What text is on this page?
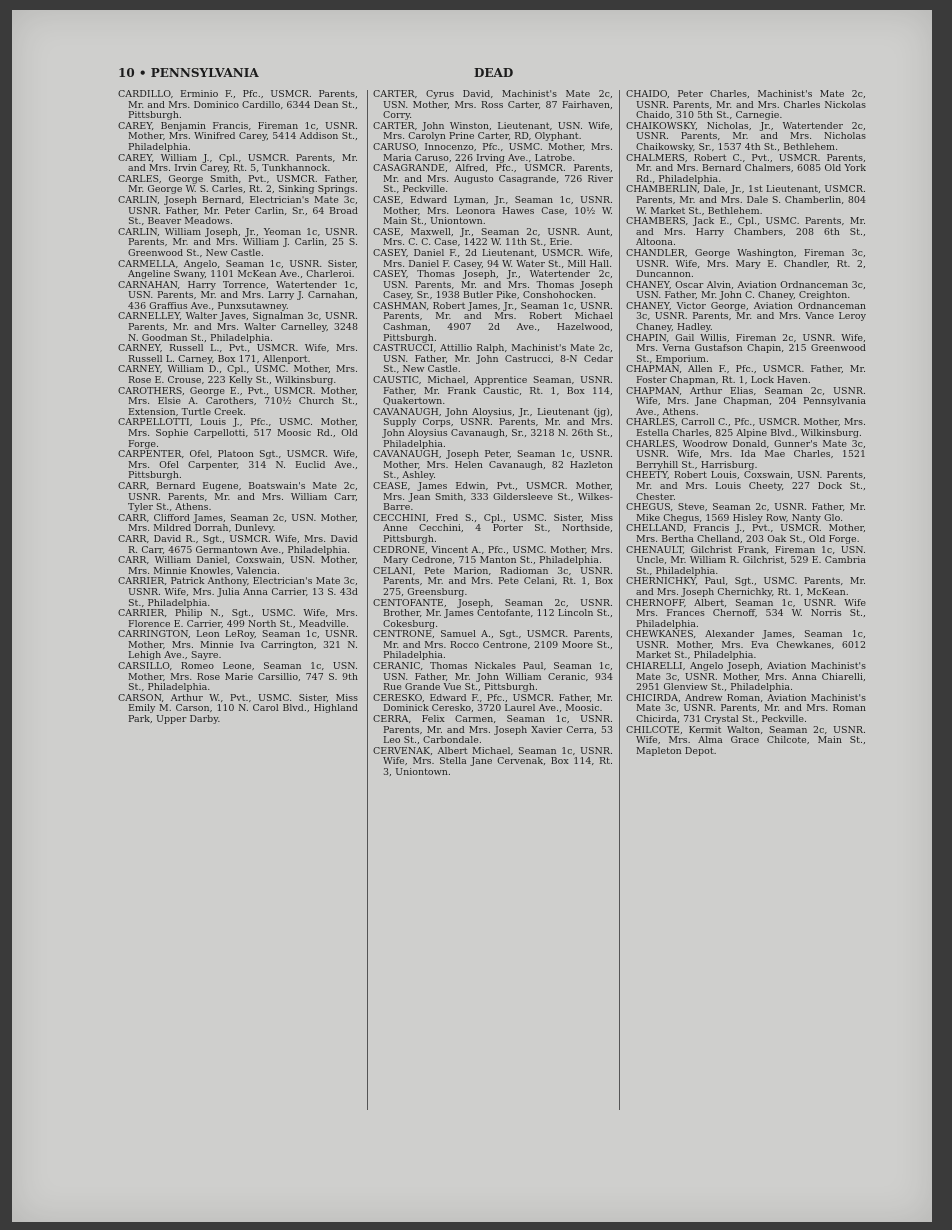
10 • PENNSYLVANIA	DEAD

CARDILLO, Erminio F., Pfc., USMCR. Parents, Mr. and Mrs. Dominico Cardillo, 6344 Dean St., Pittsburgh.

CAREY, Benjamin Francis, Fireman 1c, USNR. Mother, Mrs. Winifred Carey, 5414 Addison St., Philadelphia.

CAREY, William J., Cpl., USMCR. Parents, Mr. and Mrs. Irvin Carey, Rt. 5, Tunkhannock.

CARLES, George Smith, Pvt., USMCR. Father, Mr. George W. S. Carles, Rt. 2, Sinking Springs.

CARLIN, Joseph Bernard, Electrician's Mate 3c, USNR. Father, Mr. Peter Carlin, Sr., 64 Broad St., Beaver Meadows.

CARLIN, William Joseph, Jr., Yeoman 1c, USNR. Parents, Mr. and Mrs. William J. Carlin, 25 S. Greenwood St., New Castle.

CARMELLA, Angelo, Seaman 1c, USNR. Sister, Angeline Swany, 1101 McKean Ave., Charleroi.

CARNAHAN, Harry Torrence, Watertender 1c, USN. Parents, Mr. and Mrs. Larry J. Carnahan, 436 Graffius Ave., Punxsutawney.

CARNELLEY, Walter Javes, Signalman 3c, USNR. Parents, Mr. and Mrs. Walter Carnelley, 3248 N. Goodman St., Philadelphia.

CARNEY, Russell L., Pvt., USMCR. Wife, Mrs. Russell L. Carney, Box 171, Allenport.

CARNEY, William D., Cpl., USMC. Mother, Mrs. Rose E. Crouse, 223 Kelly St., Wilkinsburg.

CAROTHERS, George E., Pvt., USMCR. Mother, Mrs. Elsie A. Carothers, 710½ Church St., Extension, Turtle Creek.

CARPELLOTTI, Louis J., Pfc., USMC. Mother, Mrs. Sophie Carpellotti, 517 Moosic Rd., Old Forge.

CARPENTER, Ofel, Platoon Sgt., USMCR. Wife, Mrs. Ofel Carpenter, 314 N. Euclid Ave., Pittsburgh.

CARR, Bernard Eugene, Boatswain's Mate 2c, USNR. Parents, Mr. and Mrs. William Carr, Tyler St., Athens.

CARR, Clifford James, Seaman 2c, USN. Mother, Mrs. Mildred Dorrah, Dunlevy.

CARR, David R., Sgt., USMCR. Wife, Mrs. David R. Carr, 4675 Germantown Ave., Philadelphia.

CARR, William Daniel, Coxswain, USN. Mother, Mrs. Minnie Knowles, Valencia.

CARRIER, Patrick Anthony, Electrician's Mate 3c, USNR. Wife, Mrs. Julia Anna Carrier, 13 S. 43d St., Philadelphia.

CARRIER, Philip N., Sgt., USMC. Wife, Mrs. Florence E. Carrier, 499 North St., Meadville.

CARRINGTON, Leon LeRoy, Seaman 1c, USNR. Mother, Mrs. Minnie Iva Carrington, 321 N. Lehigh Ave., Sayre.

CARSILLO, Romeo Leone, Seaman 1c, USN. Mother, Mrs. Rose Marie Carsillio, 747 S. 9th St., Philadelphia.

CARSON, Arthur W., Pvt., USMC. Sister, Miss Emily M. Carson, 110 N. Carol Blvd., Highland Park, Upper Darby.

CARTER, Cyrus David, Machinist's Mate 2c, USN. Mother, Mrs. Ross Carter, 87 Fairhaven, Corry.

CARTER, John Winston, Lieutenant, USN. Wife, Mrs. Carolyn Prine Carter, RD, Olyphant.

CARUSO, Innocenzo, Pfc., USMC. Mother, Mrs. Maria Caruso, 226 Irving Ave., Latrobe.

CASAGRANDE, Alfred, Pfc., USMCR. Parents, Mr. and Mrs. Augusto Casagrande, 726 River St., Peckville.

CASE, Edward Lyman, Jr., Seaman 1c, USNR. Mother, Mrs. Leonora Hawes Case, 10½ W. Main St., Uniontown.

CASE, Maxwell, Jr., Seaman 2c, USNR. Aunt, Mrs. C. C. Case, 1422 W. 11th St., Erie.

CASEY, Daniel F., 2d Lieutenant, USMCR. Wife, Mrs. Daniel F. Casey, 94 W. Water St., Mill Hall.

CASEY, Thomas Joseph, Jr., Watertender 2c, USN. Parents, Mr. and Mrs. Thomas Joseph Casey, Sr., 1938 Butler Pike, Conshohocken.

CASHMAN, Robert James, Jr., Seaman 1c, USNR. Parents, Mr. and Mrs. Robert Michael Cashman, 4907 2d Ave., Hazelwood, Pittsburgh.

CASTRUCCI, Attillio Ralph, Machinist's Mate 2c, USN. Father, Mr. John Castrucci, 8-N Cedar St., New Castle.

CAUSTIC, Michael, Apprentice Seaman, USNR. Father, Mr. Frank Caustic, Rt. 1, Box 114, Quakertown.

CAVANAUGH, John Aloysius, Jr., Lieutenant (jg), Supply Corps, USNR. Parents, Mr. and Mrs. John Aloysius Cavanaugh, Sr., 3218 N. 26th St., Philadelphia.

CAVANAUGH, Joseph Peter, Seaman 1c, USNR. Mother, Mrs. Helen Cavanaugh, 82 Hazleton St., Ashley.

CEASE, James Edwin, Pvt., USMCR. Mother, Mrs. Jean Smith, 333 Gildersleeve St., Wilkes-Barre.

CECCHINI, Fred S., Cpl., USMC. Sister, Miss Anne Cecchini, 4 Porter St., Northside, Pittsburgh.

CEDRONE, Vincent A., Pfc., USMC. Mother, Mrs. Mary Cedrone, 715 Manton St., Philadelphia.

CELANI, Pete Marion, Radioman 3c, USNR. Parents, Mr. and Mrs. Pete Celani, Rt. 1, Box 275, Greensburg.

CENTOFANTE, Joseph, Seaman 2c, USNR. Brother, Mr. James Centofante, 112 Lincoln St., Cokesburg.

CENTRONE, Samuel A., Sgt., USMCR. Parents, Mr. and Mrs. Rocco Centrone, 2109 Moore St., Philadelphia.

CERANIC, Thomas Nickales Paul, Seaman 1c, USN. Father, Mr. John William Ceranic, 934 Rue Grande Vue St., Pittsburgh.

CERESKO, Edward F., Pfc., USMCR. Father, Mr. Dominick Ceresko, 3720 Laurel Ave., Moosic.

CERRA, Felix Carmen, Seaman 1c, USNR. Parents, Mr. and Mrs. Joseph Xavier Cerra, 53 Leo St., Carbondale.

CERVENAK, Albert Michael, Seaman 1c, USNR. Wife, Mrs. Stella Jane Cervenak, Box 114, Rt. 3, Uniontown.

CHAIDO, Peter Charles, Machinist's Mate 2c, USNR. Parents, Mr. and Mrs. Charles Nickolas Chaido, 310 5th St., Carnegie.

CHAIKOWSKY, Nicholas, Jr., Watertender 2c, USNR. Parents, Mr. and Mrs. Nicholas Chaikowsky, Sr., 1537 4th St., Bethlehem.

CHALMERS, Robert C., Pvt., USMCR. Parents, Mr. and Mrs. Bernard Chalmers, 6085 Old York Rd., Philadelphia.

CHAMBERLIN, Dale, Jr., 1st Lieutenant, USMCR. Parents, Mr. and Mrs. Dale S. Chamberlin, 804 W. Market St., Bethlehem.

CHAMBERS, Jack E., Cpl., USMC. Parents, Mr. and Mrs. Harry Chambers, 208 6th St., Altoona.

CHANDLER, George Washington, Fireman 3c, USNR. Wife, Mrs. Mary E. Chandler, Rt. 2, Duncannon.

CHANEY, Oscar Alvin, Aviation Ordnanceman 3c, USN. Father, Mr. John C. Chaney, Creighton.

CHANEY, Victor George, Aviation Ordnanceman 3c, USNR. Parents, Mr. and Mrs. Vance Leroy Chaney, Hadley.

CHAPIN, Gail Willis, Fireman 2c, USNR. Wife, Mrs. Verna Gustafson Chapin, 215 Greenwood St., Emporium.

CHAPMAN, Allen F., Pfc., USMCR. Father, Mr. Foster Chapman, Rt. 1, Lock Haven.

CHAPMAN, Arthur Elias, Seaman 2c, USNR. Wife, Mrs. Jane Chapman, 204 Pennsylvania Ave., Athens.

CHARLES, Carroll C., Pfc., USMCR. Mother, Mrs. Estella Charles, 825 Alpine Blvd., Wilkinsburg.

CHARLES, Woodrow Donald, Gunner's Mate 3c, USNR. Wife, Mrs. Ida Mae Charles, 1521 Berryhill St., Harrisburg.

CHEETY, Robert Louis, Coxswain, USN. Parents, Mr. and Mrs. Louis Cheety, 227 Dock St., Chester.

CHEGUS, Steve, Seaman 2c, USNR. Father, Mr. Mike Chegus, 1569 Hisley Row, Nanty Glo.

CHELLAND, Francis J., Pvt., USMCR. Mother, Mrs. Bertha Chelland, 203 Oak St., Old Forge.

CHENAULT, Gilchrist Frank, Fireman 1c, USN. Uncle, Mr. William R. Gilchrist, 529 E. Cambria St., Philadelphia.

CHERNICHKY, Paul, Sgt., USMC. Parents, Mr. and Mrs. Joseph Chernichky, Rt. 1, McKean.

CHERNOFF, Albert, Seaman 1c, USNR. Wife Mrs. Frances Chernoff, 534 W. Norris St., Philadelphia.

CHEWKANES, Alexander James, Seaman 1c, USNR. Mother, Mrs. Eva Chewkanes, 6012 Market St., Philadelphia.

CHIARELLI, Angelo Joseph, Aviation Machinist's Mate 3c, USNR. Mother, Mrs. Anna Chiarelli, 2951 Glenview St., Philadelphia.

CHICIRDA, Andrew Roman, Aviation Machinist's Mate 3c, USNR. Parents, Mr. and Mrs. Roman Chicirda, 731 Crystal St., Peckville.

CHILCOTE, Kermit Walton, Seaman 2c, USNR. Wife, Mrs. Alma Grace Chilcote, Main St., Mapleton Depot.
